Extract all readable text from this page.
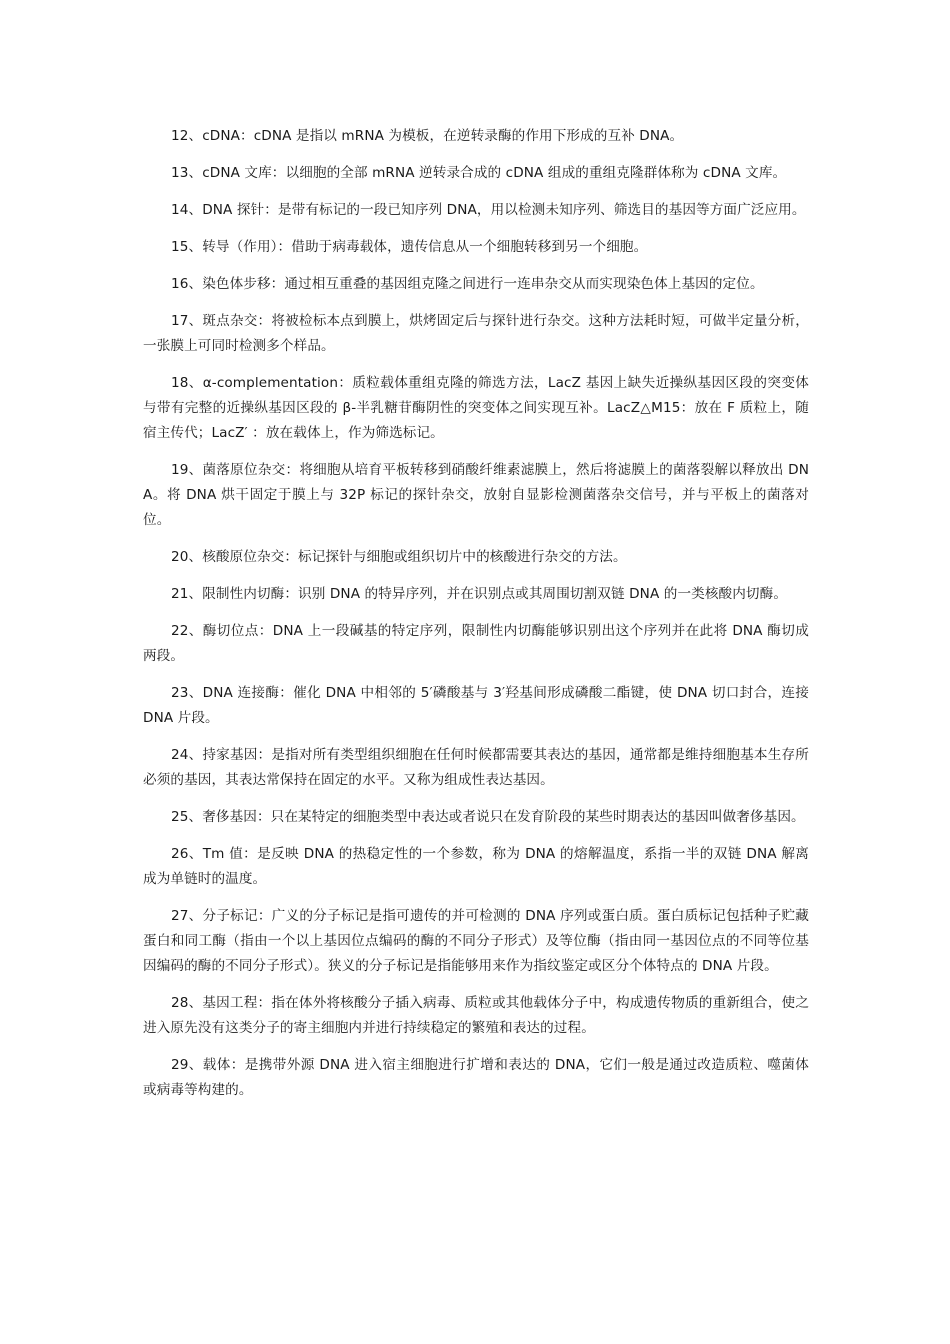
12、cDNA：cDNA 是指以 mRNA 为模板，在逆转录酶的作用下形成的互补 DNA。

13、cDNA 文库：以细胞的全部 mRNA 逆转录合成的 cDNA 组成的重组克隆群体称为 cDNA 文库。

14、DNA 探针：是带有标记的一段已知序列 DNA，用以检测未知序列、筛选目的基因等方面广泛应用。

15、转导（作用）：借助于病毒载体，遗传信息从一个细胞转移到另一个细胞。

16、染色体步移：通过相互重叠的基因组克隆之间进行一连串杂交从而实现染色体上基因的定位。

17、斑点杂交：将被检标本点到膜上，烘烤固定后与探针进行杂交。这种方法耗时短，可做半定量分析，一张膜上可同时检测多个样品。

18、α-complementation：质粒载体重组克隆的筛选方法，LacZ 基因上缺失近操纵基因区段的突变体与带有完整的近操纵基因区段的 β-半乳糖苷酶阴性的突变体之间实现互补。LacZ△M15：放在 F 质粒上，随宿主传代；LacZ′ ：放在载体上，作为筛选标记。

19、菌落原位杂交：将细胞从培育平板转移到硝酸纤维素滤膜上，然后将滤膜上的菌落裂解以释放出 DNA。将 DNA 烘干固定于膜上与 32P 标记的探针杂交，放射自显影检测菌落杂交信号，并与平板上的菌落对位。

20、核酸原位杂交：标记探针与细胞或组织切片中的核酸进行杂交的方法。

21、限制性内切酶：识别 DNA 的特异序列，并在识别点或其周围切割双链 DNA 的一类核酸内切酶。

22、酶切位点：DNA 上一段碱基的特定序列，限制性内切酶能够识别出这个序列并在此将 DNA 酶切成两段。

23、DNA 连接酶：催化 DNA 中相邻的 5′磷酸基与 3′羟基间形成磷酸二酯键，使 DNA 切口封合，连接 DNA 片段。

24、持家基因：是指对所有类型组织细胞在任何时候都需要其表达的基因，通常都是维持细胞基本生存所必须的基因，其表达常保持在固定的水平。又称为组成性表达基因。

25、奢侈基因：只在某特定的细胞类型中表达或者说只在发育阶段的某些时期表达的基因叫做奢侈基因。

26、Tm 值：是反映 DNA 的热稳定性的一个参数，称为 DNA 的熔解温度，系指一半的双链 DNA 解离成为单链时的温度。

27、分子标记：广义的分子标记是指可遗传的并可检测的 DNA 序列或蛋白质。蛋白质标记包括种子贮藏蛋白和同工酶（指由一个以上基因位点编码的酶的不同分子形式）及等位酶（指由同一基因位点的不同等位基因编码的酶的不同分子形式）。狭义的分子标记是指能够用来作为指纹鉴定或区分个体特点的 DNA 片段。

28、基因工程：指在体外将核酸分子插入病毒、质粒或其他载体分子中，构成遗传物质的重新组合，使之进入原先没有这类分子的寄主细胞内并进行持续稳定的繁殖和表达的过程。

29、载体：是携带外源 DNA 进入宿主细胞进行扩增和表达的 DNA，它们一般是通过改造质粒、噬菌体或病毒等构建的。
